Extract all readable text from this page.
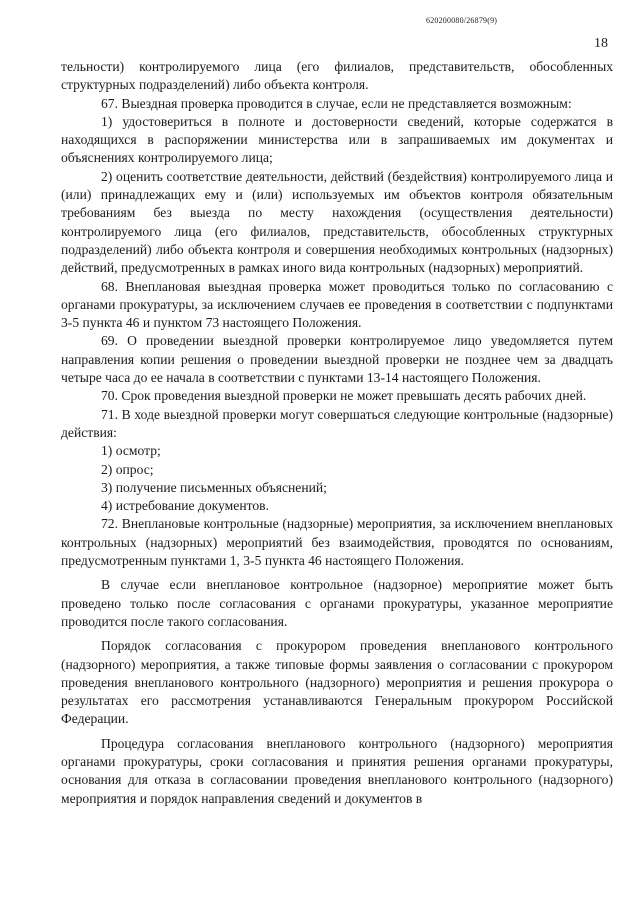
620200080/26879(9)
18

тельности) контролируемого лица (его филиалов, представительств, обособленных структурных подразделений) либо объекта контроля.

67. Выездная проверка проводится в случае, если не представляется возможным:

1) удостовериться в полноте и достоверности сведений, которые содержатся в находящихся в распоряжении министерства или в запрашиваемых им документах и объяснениях контролируемого лица;

2) оценить соответствие деятельности, действий (бездействия) контролируемого лица и (или) принадлежащих ему и (или) используемых им объектов контроля обязательным требованиям без выезда по месту нахождения (осуществления деятельности) контролируемого лица (его филиалов, представительств, обособленных структурных подразделений) либо объекта контроля и совершения необходимых контрольных (надзорных) действий, предусмотренных в рамках иного вида контрольных (надзорных) мероприятий.

68. Внеплановая выездная проверка может проводиться только по согласованию с органами прокуратуры, за исключением случаев ее проведения в соответствии с подпунктами 3-5 пункта 46 и пунктом 73 настоящего Положения.

69. О проведении выездной проверки контролируемое лицо уведомляется путем направления копии решения о проведении выездной проверки не позднее чем за двадцать четыре часа до ее начала в соответствии с пунктами 13-14 настоящего Положения.

70. Срок проведения выездной проверки не может превышать десять рабочих дней.

71. В ходе выездной проверки могут совершаться следующие контрольные (надзорные) действия:

1) осмотр;

2) опрос;

3) получение письменных объяснений;

4) истребование документов.

72. Внеплановые контрольные (надзорные) мероприятия, за исключением внеплановых контрольных (надзорных) мероприятий без взаимодействия, проводятся по основаниям, предусмотренным пунктами 1, 3-5 пункта 46 настоящего Положения.

В случае если внеплановое контрольное (надзорное) мероприятие может быть проведено только после согласования с органами прокуратуры, указанное мероприятие проводится после такого согласования.

Порядок согласования с прокурором проведения внепланового контрольного (надзорного) мероприятия, а также типовые формы заявления о согласовании с прокурором проведения внепланового контрольного (надзорного) мероприятия и решения прокурора о результатах его рассмотрения устанавливаются Генеральным прокурором Российской Федерации.

Процедура согласования внепланового контрольного (надзорного) мероприятия органами прокуратуры, сроки согласования и принятия решения органами прокуратуры, основания для отказа в согласовании проведения внепланового контрольного (надзорного) мероприятия и порядок направления сведений и документов в
